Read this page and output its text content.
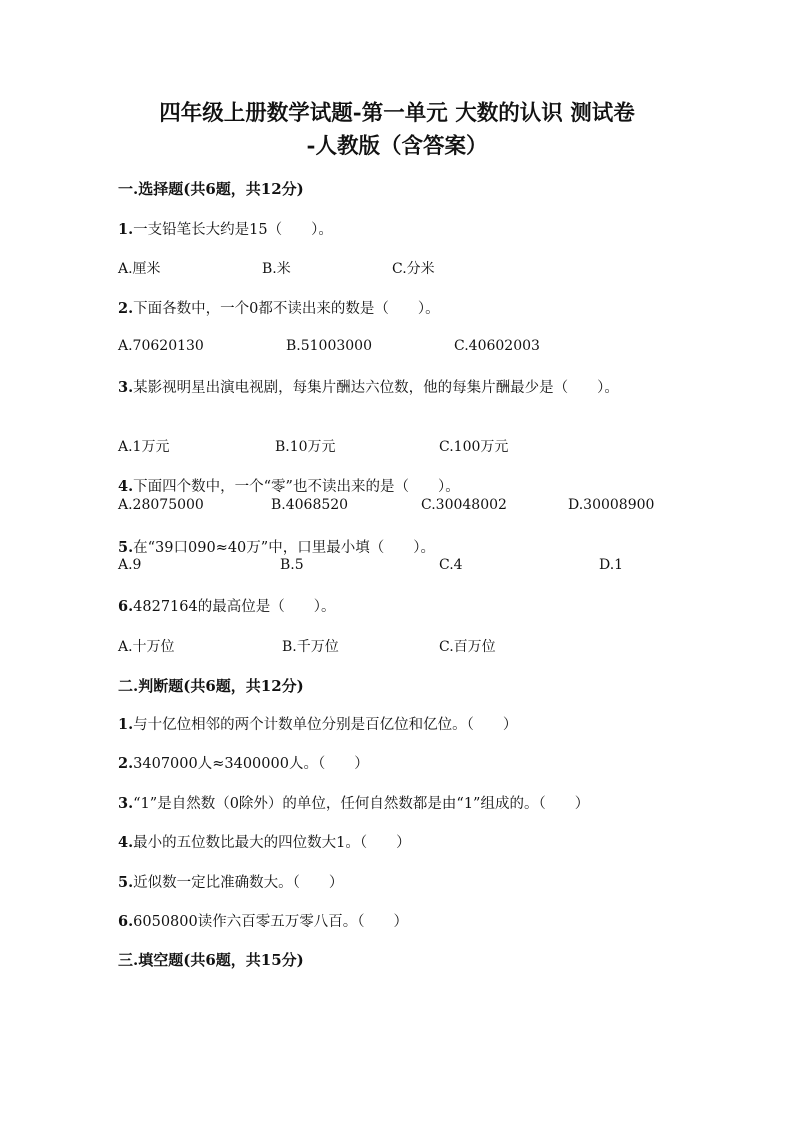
四年级上册数学试题-第一单元 大数的认识 测试卷
-人教版（含答案）
一.选择题(共6题，共12分)
1.一支铅笔长大约是15（　　）。
A.厘米	B.米	C.分米
2.下面各数中，一个0都不读出来的数是（　　）。
A.70620130	B.51003000	C.40602003
3.某影视明星出演电视剧，每集片酬达六位数，他的每集片酬最少是（　　）。
A.1万元	B.10万元	C.100万元
4.下面四个数中，一个“零”也不读出来的是（　　）。
A.28075000	B.4068520	C.30048002	D.30008900
5.在“39口090≈40万”中，口里最小填（　　）。
A.9	B.5	C.4	D.1
6.4827164的最高位是（　　）。
A.十万位	B.千万位	C.百万位
二.判断题(共6题，共12分)
1.与十亿位相邻的两个计数单位分别是百亿位和亿位。（　　）
2.3407000人≈3400000人。（　　）
3.“1”是自然数（0除外）的单位，任何自然数都是由“1”组成的。（　　）
4.最小的五位数比最大的四位数大1。（　　）
5.近似数一定比准确数大。（　　）
6.6050800读作六百零五万零八百。（　　）
三.填空题(共6题，共15分)
